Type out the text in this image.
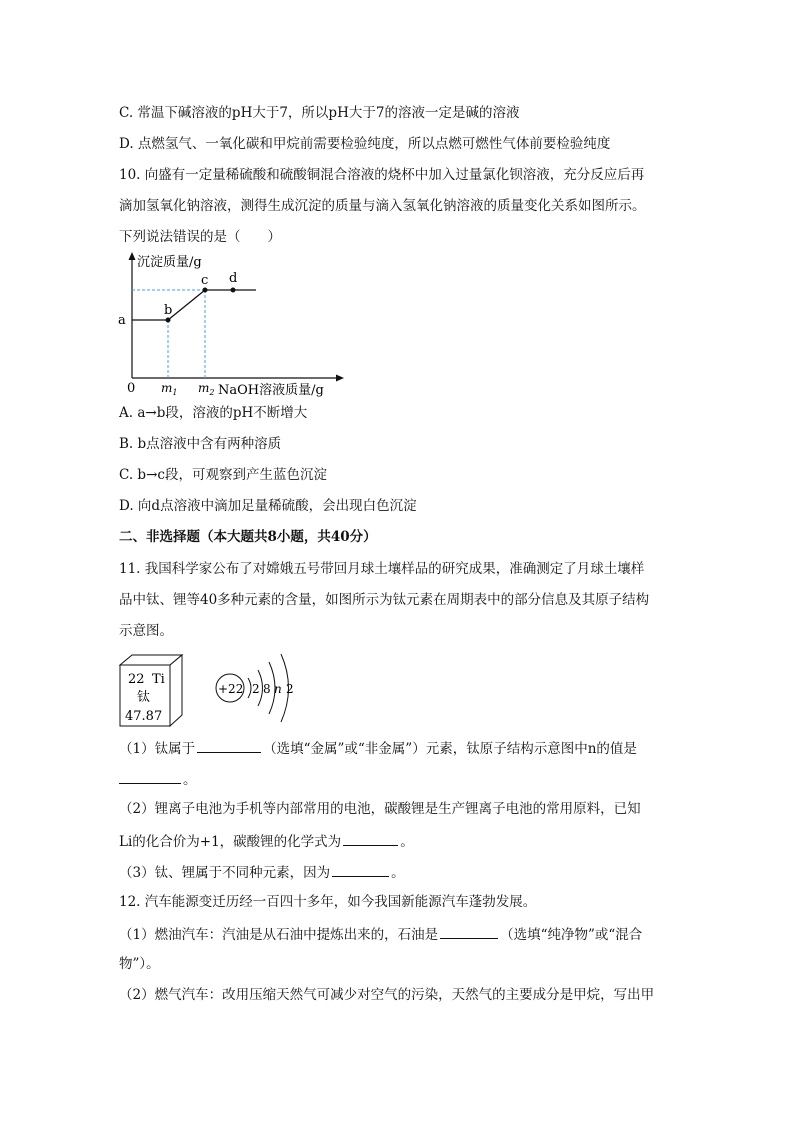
C. 常温下碱溶液的pH大于7，所以pH大于7的溶液一定是碱的溶液
D. 点燃氢气、一氧化碳和甲烷前需要检验纯度，所以点燃可燃性气体前要检验纯度
10. 向盛有一定量稀硫酸和硫酸铜混合溶液的烧杯中加入过量氯化钡溶液，充分反应后再
滴加氢氧化钠溶液，测得生成沉淀的质量与滴入氢氧化钠溶液的质量变化关系如图所示。
下列说法错误的是（　　）
沉淀质量/g
a
b
c d
0 $m_1$ $m_2$ NaOH溶液质量/g
A. a→b段，溶液的pH不断增大
B. b点溶液中含有两种溶质
C. b→c段，可观察到产生蓝色沉淀
D. 向d点溶液中滴加足量稀硫酸，会出现白色沉淀
二、非选择题（本大题共8小题，共40分）
11. 我国科学家公布了对嫦娥五号带回月球土壤样品的研究成果，准确测定了月球土壤样
品中钛、锂等40多种元素的含量，如图所示为钛元素在周期表中的部分信息及其原子结构
示意图。
22 Ti
钛
47.87
+22 2 8 n 2
（1）钛属于	（选填“金属”或“非金属”）元素，钛原子结构示意图中n的值是
。
（2）锂离子电池为手机等内部常用的电池，碳酸锂是生产锂离子电池的常用原料，已知
Li的化合价为+1，碳酸锂的化学式为	。
（3）钛、锂属于不同种元素，因为	。
12. 汽车能源变迁历经一百四十多年，如今我国新能源汽车蓬勃发展。
（1）燃油汽车：汽油是从石油中提炼出来的，石油是	（选填“纯净物”或“混合
物”）。
（2）燃气汽车：改用压缩天然气可减少对空气的污染，天然气的主要成分是甲烷，写出甲
